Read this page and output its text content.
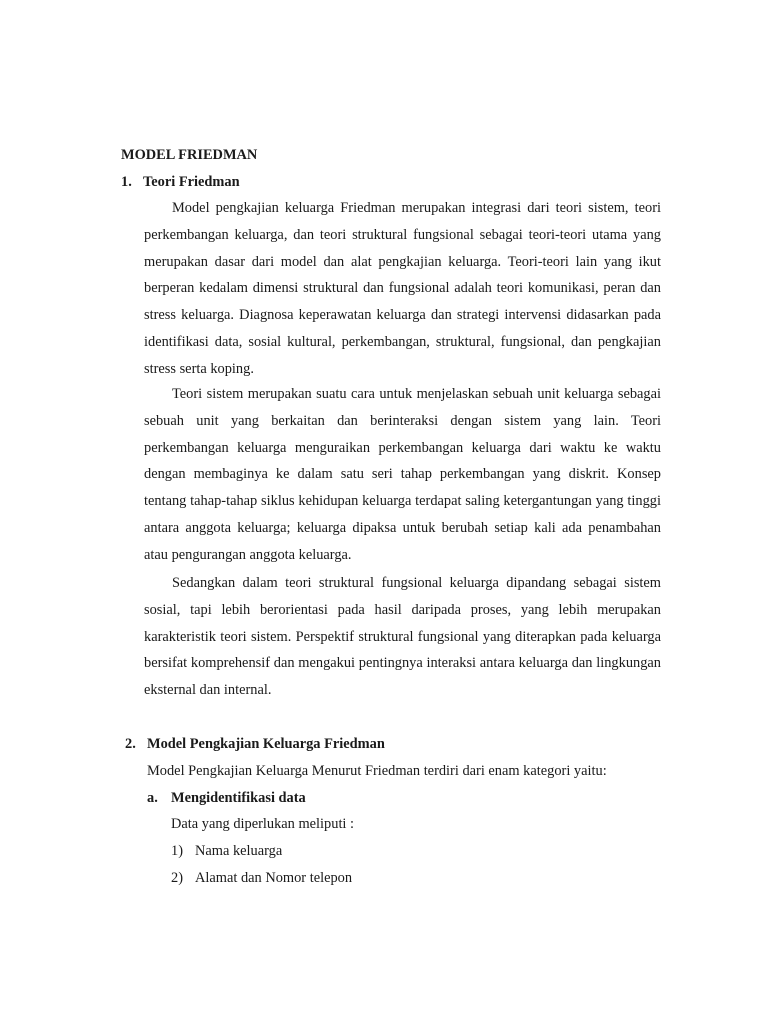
MODEL FRIEDMAN
1. Teori Friedman

Model pengkajian keluarga Friedman merupakan integrasi dari teori sistem, teori perkembangan keluarga, dan teori struktural fungsional sebagai teori-teori utama yang merupakan dasar dari model dan alat pengkajian keluarga. Teori-teori lain yang ikut berperan kedalam dimensi struktural dan fungsional adalah teori komunikasi, peran dan stress keluarga. Diagnosa keperawatan keluarga dan strategi intervensi didasarkan pada identifikasi data, sosial kultural, perkembangan, struktural, fungsional, dan pengkajian stress serta koping.

Teori sistem merupakan suatu cara untuk menjelaskan sebuah unit keluarga sebagai sebuah unit yang berkaitan dan berinteraksi dengan sistem yang lain. Teori perkembangan keluarga menguraikan perkembangan keluarga dari waktu ke waktu dengan membaginya ke dalam satu seri tahap perkembangan yang diskrit. Konsep tentang tahap-tahap siklus kehidupan keluarga terdapat saling ketergantungan yang tinggi antara anggota keluarga; keluarga dipaksa untuk berubah setiap kali ada penambahan atau pengurangan anggota keluarga.

Sedangkan dalam teori struktural fungsional keluarga dipandang sebagai sistem sosial, tapi lebih berorientasi pada hasil daripada proses, yang lebih merupakan karakteristik teori sistem. Perspektif struktural fungsional yang diterapkan pada keluarga bersifat komprehensif dan mengakui pentingnya interaksi antara keluarga dan lingkungan eksternal dan internal.

2. Model Pengkajian Keluarga Friedman
Model Pengkajian Keluarga Menurut Friedman terdiri dari enam kategori yaitu:
a. Mengidentifikasi data
Data yang diperlukan meliputi :
1) Nama keluarga
2) Alamat dan Nomor telepon
